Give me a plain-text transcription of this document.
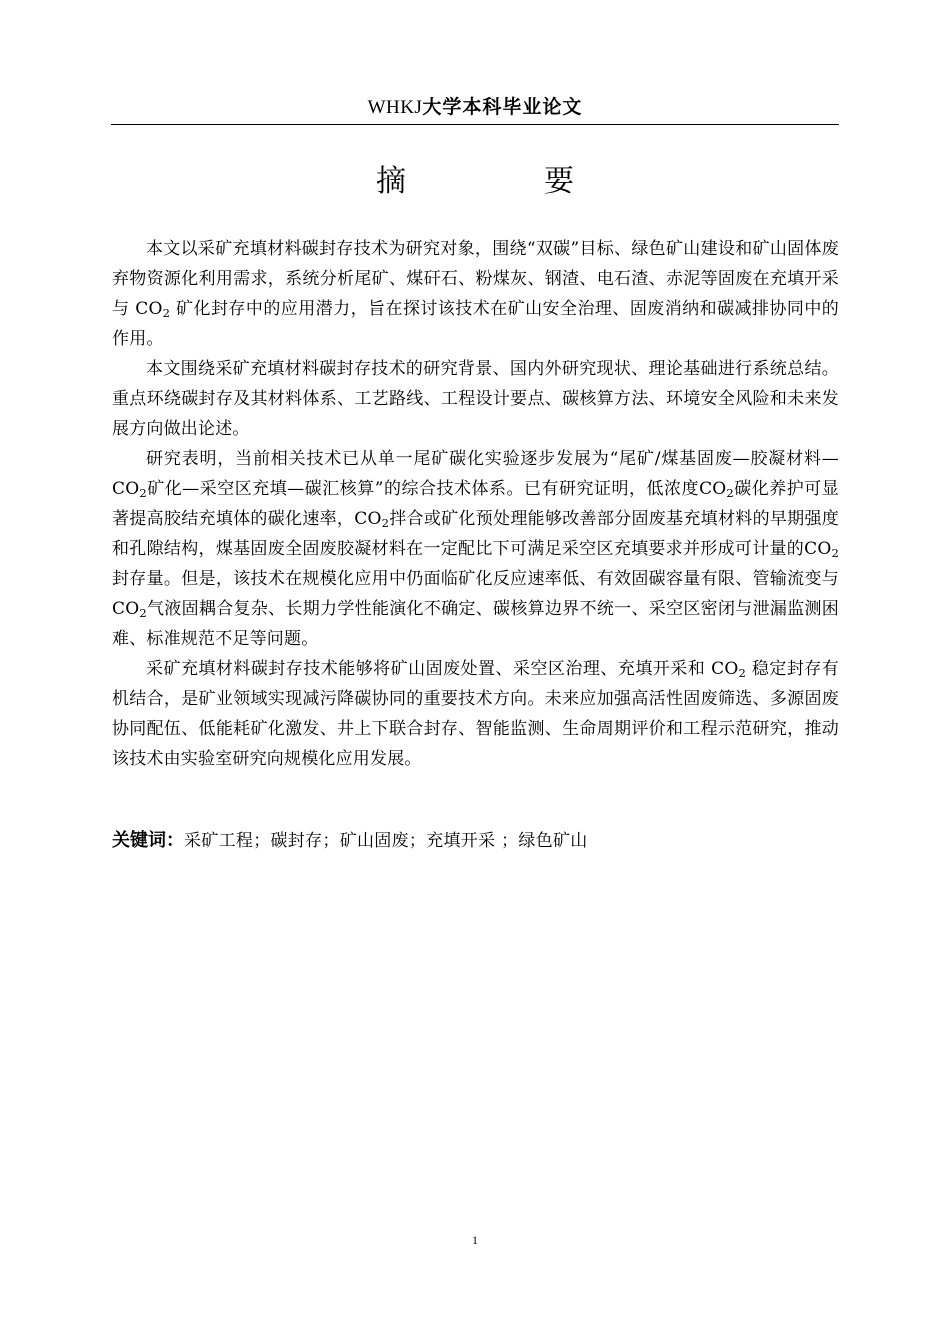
WHKJ大学本科毕业论文
摘　要

本文以采矿充填材料碳封存技术为研究对象，围绕“双碳”目标、绿色矿山建设和矿山固体废弃物资源化利用需求，系统分析尾矿、煤矸石、粉煤灰、钢渣、电石渣、赤泥等固废在充填开采与 CO2 矿化封存中的应用潜力，旨在探讨该技术在矿山安全治理、固废消纳和碳减排协同中的作用。

本文围绕采矿充填材料碳封存技术的研究背景、国内外研究现状、理论基础进行系统总结。重点环绕碳封存及其材料体系、工艺路线、工程设计要点、碳核算方法、环境安全风险和未来发展方向做出论述。

研究表明，当前相关技术已从单一尾矿碳化实验逐步发展为“尾矿/煤基固废—胶凝材料—CO2矿化—采空区充填—碳汇核算”的综合技术体系。已有研究证明，低浓度CO2碳化养护可显著提高胶结充填体的碳化速率，CO2拌合或矿化预处理能够改善部分固废基充填材料的早期强度和孔隙结构，煤基固废全固废胶凝材料在一定配比下可满足采空区充填要求并形成可计量的CO2封存量。但是，该技术在规模化应用中仍面临矿化反应速率低、有效固碳容量有限、管输流变与CO2气液固耦合复杂、长期力学性能演化不确定、碳核算边界不统一、采空区密闭与泄漏监测困难、标准规范不足等问题。

采矿充填材料碳封存技术能够将矿山固废处置、采空区治理、充填开采和 CO2 稳定封存有机结合，是矿业领域实现减污降碳协同的重要技术方向。未来应加强高活性固废筛选、多源固废协同配伍、低能耗矿化激发、井上下联合封存、智能监测、生命周期评价和工程示范研究，推动该技术由实验室研究向规模化应用发展。

关键词：采矿工程；碳封存；矿山固废；充填开采 ；绿色矿山
1
